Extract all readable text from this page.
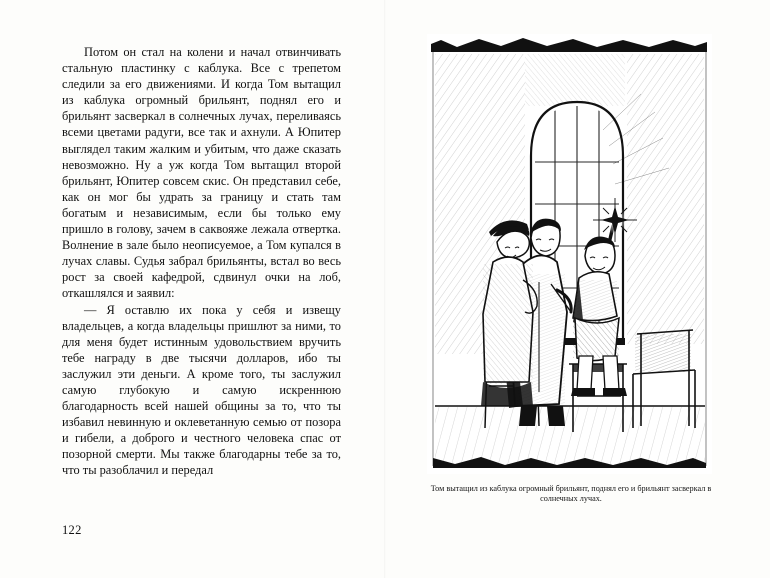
Потом он стал на колени и начал отвинчивать стальную пластинку с каблука. Все с трепетом следили за его движениями. И когда Том вытащил из каблука огромный брильянт, поднял его и брильянт засверкал в солнечных лучах, переливаясь всеми цветами радуги, все так и ахнули. А Юпитер выглядел таким жалким и убитым, что даже сказать невозможно. Ну а уж когда Том вытащил второй брильянт, Юпитер совсем скис. Он представил себе, как он мог бы удрать за границу и стать там богатым и независимым, если бы только ему пришло в голову, зачем в саквояже лежала отвертка. Волнение в зале было неописуемое, а Том купался в лучах славы. Судья забрал брильянты, встал во весь рост за своей кафедрой, сдвинул очки на лоб, откашлялся и заявил:
— Я оставлю их пока у себя и извещу владельцев, а когда владельцы пришлют за ними, то для меня будет истинным удовольствием вручить тебе награду в две тысячи долларов, ибо ты заслужил эти деньги. А кроме того, ты заслужил самую глубокую и самую искреннюю благодарность всей нашей общины за то, что ты избавил невинную и оклеветанную семью от позора и гибели, а доброго и честного человека спас от позорной смерти. Мы также благодарны тебе за то, что ты разоблачил и передал
122
Том вытащил из каблука огромный брильянт, поднял его и брильянт засверкал в солнечных лучах.
